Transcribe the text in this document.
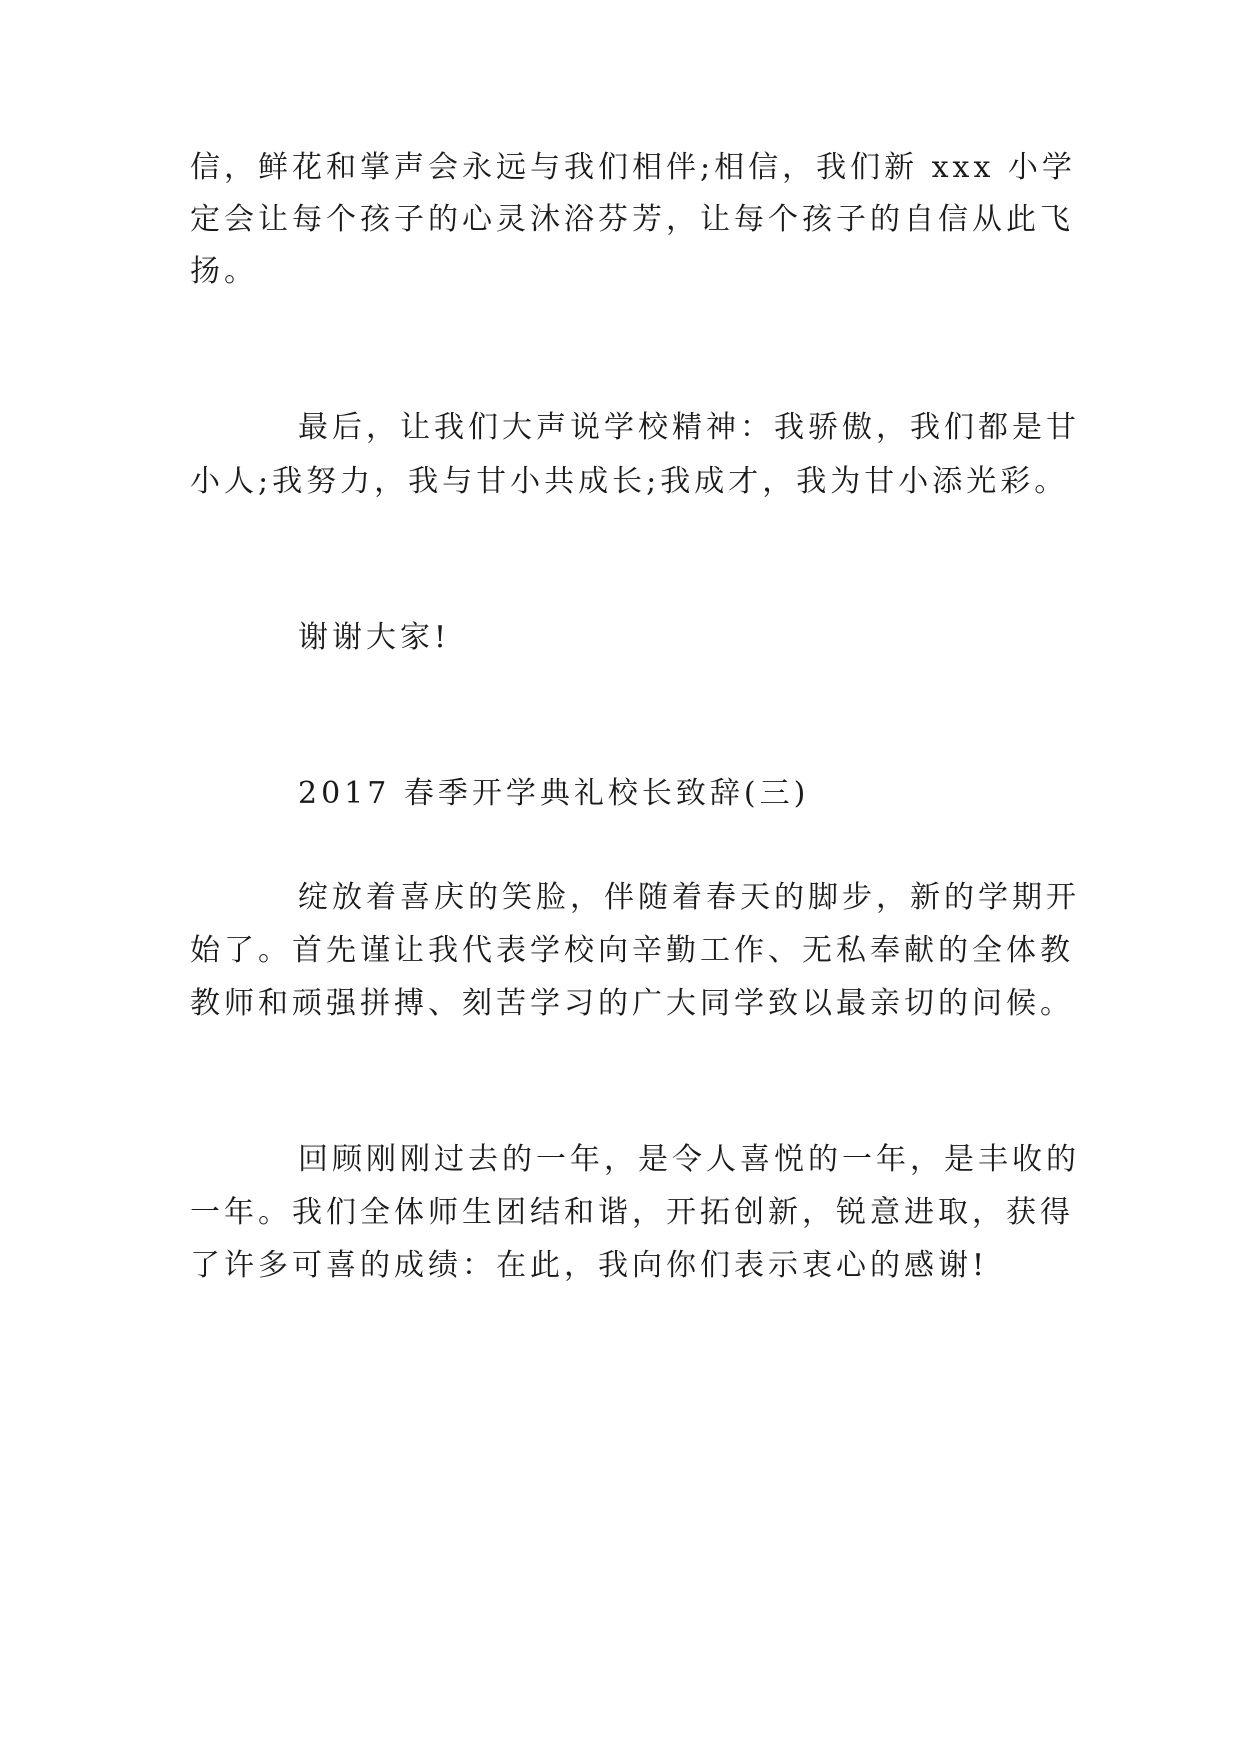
信，鲜花和掌声会永远与我们相伴;相信，我们新 xxx 小学
定会让每个孩子的心灵沐浴芬芳，让每个孩子的自信从此飞
扬。
最后，让我们大声说学校精神：我骄傲，我们都是甘
小人;我努力，我与甘小共成长;我成才，我为甘小添光彩。
谢谢大家!
2017 春季开学典礼校长致辞(三)
绽放着喜庆的笑脸，伴随着春天的脚步，新的学期开
始了。首先谨让我代表学校向辛勤工作、无私奉献的全体教
教师和顽强拼搏、刻苦学习的广大同学致以最亲切的问候。
回顾刚刚过去的一年，是令人喜悦的一年，是丰收的
一年。我们全体师生团结和谐，开拓创新，锐意进取，获得
了许多可喜的成绩：在此，我向你们表示衷心的感谢!
